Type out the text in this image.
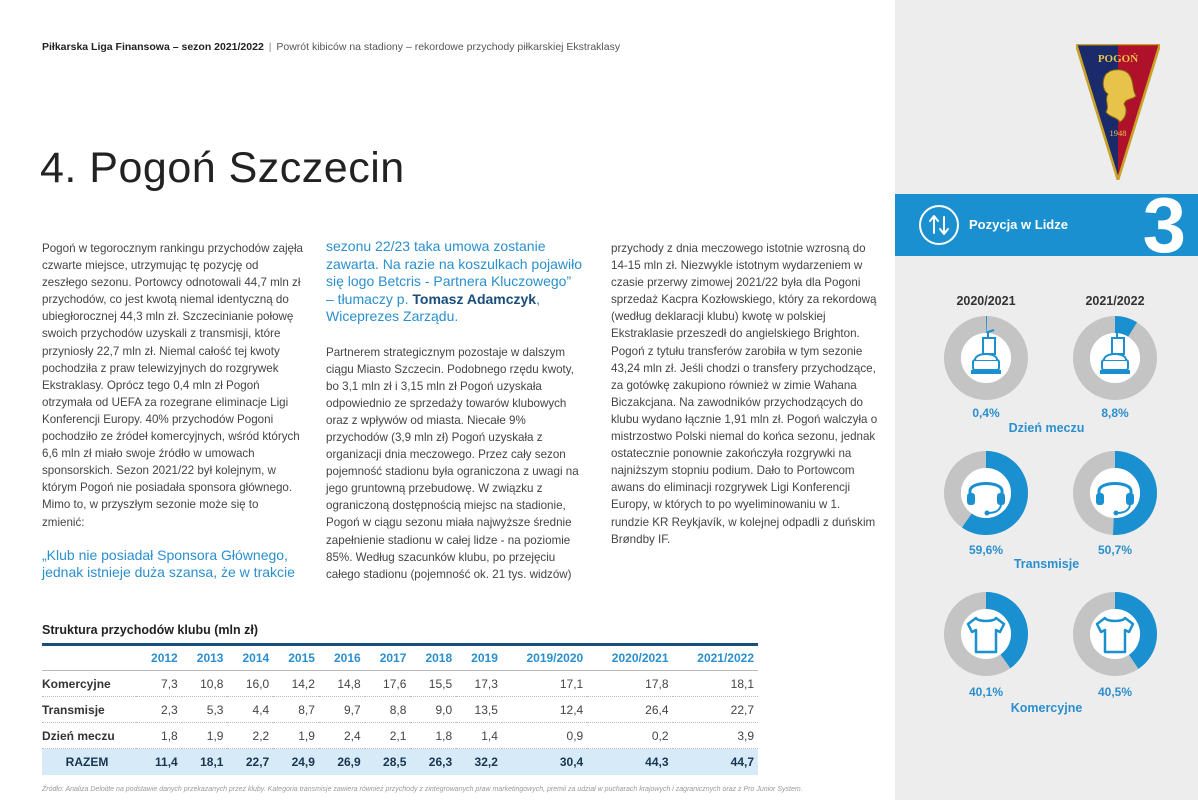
Piłkarska Liga Finansowa – sezon 2021/2022 | Powrót kibiców na stadiony – rekordowe przychody piłkarskiej Ekstraklasy
4. Pogoń Szczecin

Pogoń w tegorocznym rankingu przychodów zajęła czwarte miejsce, utrzymując tę pozycję od zeszłego sezonu. Portowcy odnotowali 44,7 mln zł przychodów, co jest kwotą niemal identyczną do ubiegłorocznej 44,3 mln zł. Szczecinianie połowę swoich przychodów uzyskali z transmisji, które przyniosły 22,7 mln zł. Niemal całość tej kwoty pochodziła z praw telewizyjnych do rozgrywek Ekstraklasy. Oprócz tego 0,4 mln zł Pogoń otrzymała od UEFA za rozegrane eliminacje Ligi Konferencji Europy. 40% przychodów Pogoni pochodziło ze źródeł komercyjnych, wśród których 6,6 mln zł miało swoje źródło w umowach sponsorskich. Sezon 2021/22 był kolejnym, w którym Pogoń nie posiadała sponsora głównego. Mimo to, w przyszłym sezonie może się to zmienić:

„Klub nie posiadał Sponsora Głównego, jednak istnieje duża szansa, że w trakcie

sezonu 22/23 taka umowa zostanie zawarta. Na razie na koszulkach pojawiło się logo Betcris - Partnera Kluczowego” – tłumaczy p. Tomasz Adamczyk, Wiceprezes Zarządu.

Partnerem strategicznym pozostaje w dalszym ciągu Miasto Szczecin. Podobnego rzędu kwoty, bo 3,1 mln zł i 3,15 mln zł Pogoń uzyskała odpowiednio ze sprzedaży towarów klubowych oraz z wpływów od miasta. Niecałe 9% przychodów (3,9 mln zł) Pogoń uzyskała z organizacji dnia meczowego. Przez cały sezon pojemność stadionu była ograniczona z uwagi na jego gruntowną przebudowę. W związku z ograniczoną dostępnością miejsc na stadionie, Pogoń w ciągu sezonu miała najwyższe średnie zapełnienie stadionu w całej lidze - na poziomie 85%. Według szacunków klubu, po przejęciu całego stadionu (pojemność ok. 21 tys. widzów)

przychody z dnia meczowego istotnie wzrosną do 14-15 mln zł. Niezwykle istotnym wydarzeniem w czasie przerwy zimowej 2021/22 była dla Pogoni sprzedaż Kacpra Kozłowskiego, który za rekordową (według deklaracji klubu) kwotę w polskiej Ekstraklasie przeszedł do angielskiego Brighton. Pogoń z tytułu transferów zarobiła w tym sezonie 43,24 mln zł. Jeśli chodzi o transfery przychodzące, za gotówkę zakupiono również w zimie Wahana Biczakcjana. Na zawodników przychodzących do klubu wydano łącznie 1,91 mln zł. Pogoń walczyła o mistrzostwo Polski niemal do końca sezonu, jednak ostatecznie ponownie zakończyła rozgrywki na najniższym stopniu podium. Dało to Portowcom awans do eliminacji rozgrywek Ligi Konferencji Europy, w których to po wyeliminowaniu w 1. rundzie KR Reykjavík, w kolejnej odpadli z duńskim Brøndby IF.

Struktura przychodów klubu (mln zł)
	2012	2013	2014	2015	2016	2017	2018	2019	2019/2020	2020/2021	2021/2022
Komercyjne	7,3	10,8	16,0	14,2	14,8	17,6	15,5	17,3	17,1	17,8	18,1
Transmisje	2,3	5,3	4,4	8,7	9,7	8,8	9,0	13,5	12,4	26,4	22,7
Dzień meczu	1,8	1,9	2,2	1,9	2,4	2,1	1,8	1,4	0,9	0,2	3,9
RAZEM	11,4	18,1	22,7	24,9	26,9	28,5	26,3	32,2	30,4	44,3	44,7
Źródło: Analiza Deloitte na podstawie danych przekazanych przez kluby. Kategoria transmisje zawiera również przychody z zintegrowanych praw marketingowych, premii za udział w pucharach krajowych i zagranicznych oraz z Pro Junior System.
POGOŃ
1948
Pozycja w Lidze 3
2020/2021	2021/2022
0,4%	8,8%
Dzień meczu
59,6%	50,7%
Transmisje
40,1%	40,5%
Komercyjne
